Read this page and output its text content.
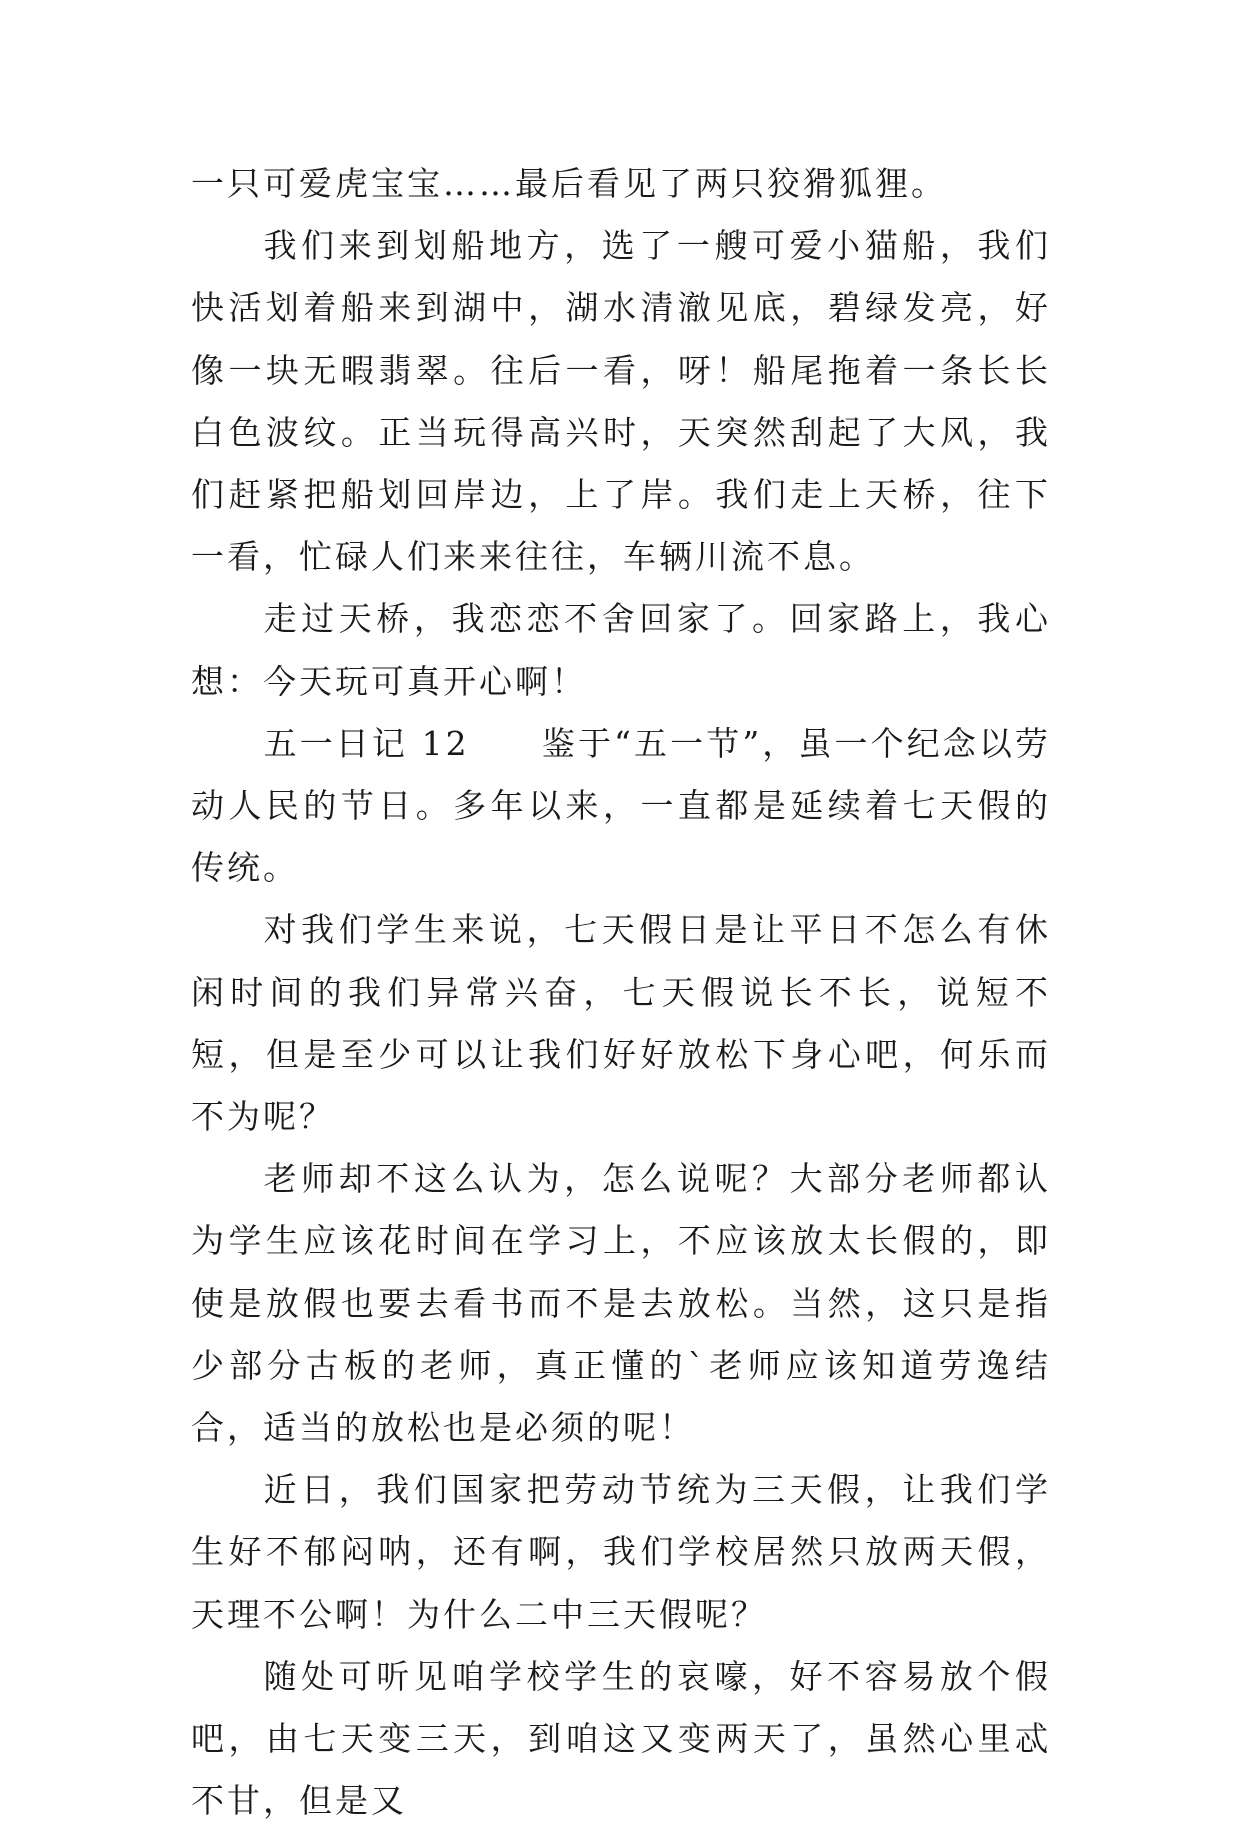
一只可爱虎宝宝……最后看见了两只狡猾狐狸。

我们来到划船地方，选了一艘可爱小猫船，我们快活划着船来到湖中，湖水清澈见底，碧绿发亮，好像一块无暇翡翠。往后一看，呀！船尾拖着一条长长白色波纹。正当玩得高兴时，天突然刮起了大风，我们赶紧把船划回岸边，上了岸。我们走上天桥，往下一看，忙碌人们来来往往，车辆川流不息。

走过天桥，我恋恋不舍回家了。回家路上，我心想：今天玩可真开心啊！

五一日记 12　　鉴于“五一节”，虽一个纪念以劳动人民的节日。多年以来，一直都是延续着七天假的传统。

对我们学生来说，七天假日是让平日不怎么有休闲时间的我们异常兴奋，七天假说长不长，说短不短，但是至少可以让我们好好放松下身心吧，何乐而不为呢？

老师却不这么认为，怎么说呢？大部分老师都认为学生应该花时间在学习上，不应该放太长假的，即使是放假也要去看书而不是去放松。当然，这只是指少部分古板的老师，真正懂的`老师应该知道劳逸结合，适当的放松也是必须的呢！

近日，我们国家把劳动节统为三天假，让我们学生好不郁闷呐，还有啊，我们学校居然只放两天假，天理不公啊！为什么二中三天假呢？

随处可听见咱学校学生的哀嚎，好不容易放个假吧，由七天变三天，到咱这又变两天了，虽然心里忒不甘，但是又
